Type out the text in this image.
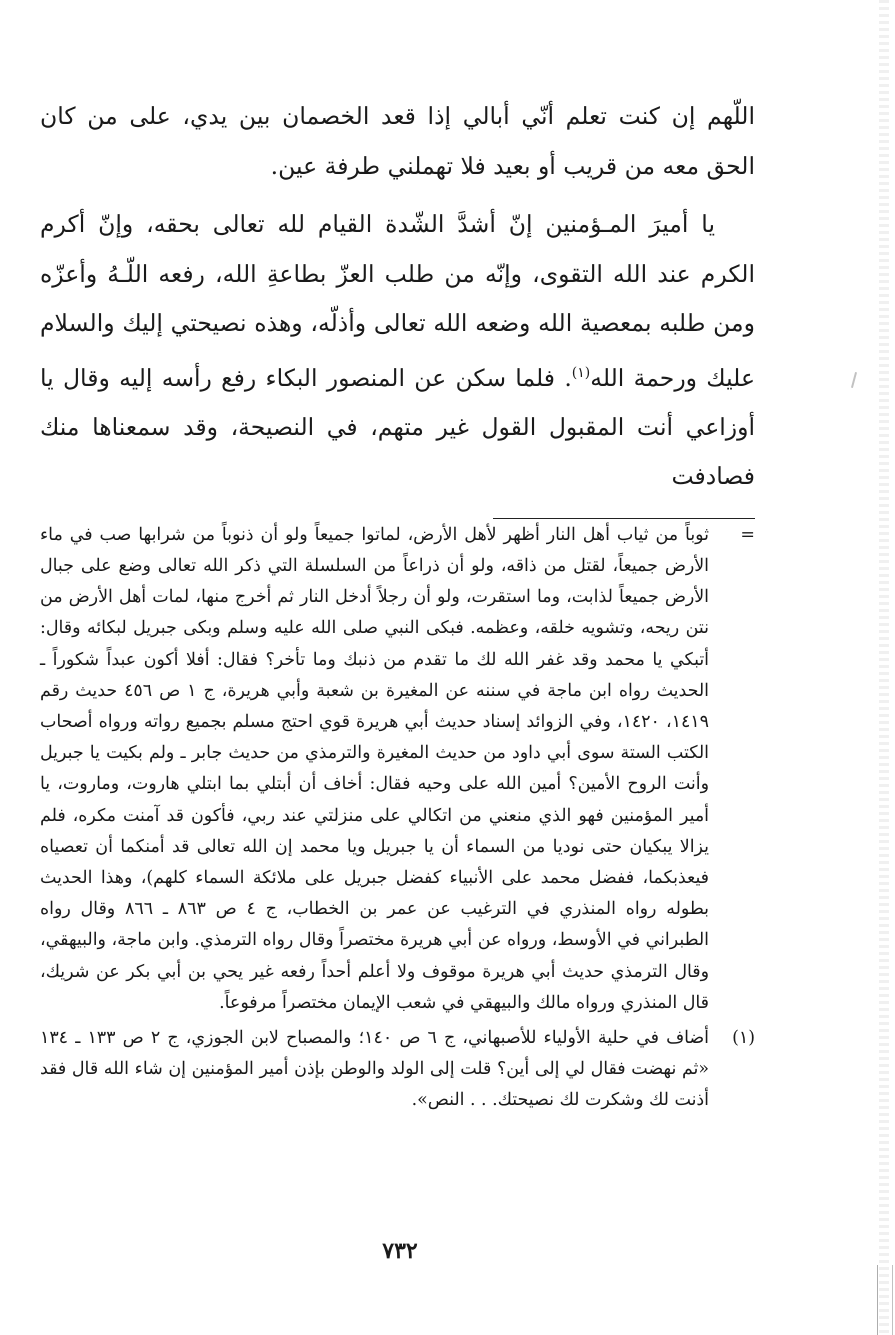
اللّهم إن كنت تعلم أنّي أبالي إذا قعد الخصمان بين يدي، على من كان الحق معه من قريب أو بعيد فلا تهملني طرفة عين.

يا أميرَ المـؤمنين إنّ أشدَّ الشّدة القيام لله تعالى بحقه، وإنّ أكرم الكرم عند الله التقوى، وإنّه من طلب العزّ بطاعةِ الله، رفعه اللّـهُ وأعزّه ومن طلبه بمعصية الله وضعه الله تعالى وأذلّه، وهذه نصيحتي إليك والسلام عليك ورحمة الله$^{(١)}$. فلما سكن عن المنصور البكاء رفع رأسه إليه وقال يا أوزاعي أنت المقبول القول غير متهم، في النصيحة، وقد سمعناها منك فصادفت

=

ثوباً من ثياب أهل النار أظهر لأهل الأرض، لماتوا جميعاً ولو أن ذنوباً من شرابها صب في ماء الأرض جميعاً، لقتل من ذاقه، ولو أن ذراعاً من السلسلة التي ذكر الله تعالى وضع على جبال الأرض جميعاً لذابت، وما استقرت، ولو أن رجلاً أدخل النار ثم أخرج منها، لمات أهل الأرض من نتن ريحه، وتشويه خلقه، وعظمه. فبكى النبي صلى الله عليه وسلم وبكى جبريل لبكائه وقال: أتبكي يا محمد وقد غفر الله لك ما تقدم من ذنبك وما تأخر؟ فقال: أفلا أكون عبداً شكوراً ـ الحديث رواه ابن ماجة في سننه عن المغيرة بن شعبة وأبي هريرة، ج ١ ص ٤٥٦ حديث رقم ١٤١٩، ١٤٢٠، وفي الزوائد إسناد حديث أبي هريرة قوي احتج مسلم بجميع رواته ورواه أصحاب الكتب الستة سوى أبي داود من حديث المغيرة والترمذي من حديث جابر ـ ولم بكيت يا جبريل وأنت الروح الأمين؟ أمين الله على وحيه فقال: أخاف أن أبتلي بما ابتلي هاروت، وماروت، يا أمير المؤمنين فهو الذي منعني من اتكالي على منزلتي عند ربي، فأكون قد آمنت مكره، فلم يزالا يبكيان حتى نوديا من السماء أن يا جبريل ويا محمد إن الله تعالى قد أمنكما أن تعصياه فيعذبكما، ففضل محمد على الأنبياء كفضل جبريل على ملائكة السماء كلهم)، وهذا الحديث بطوله رواه المنذري في الترغيب عن عمر بن الخطاب، ج ٤ ص ٨٦٣ ـ ٨٦٦ وقال رواه الطبراني في الأوسط، ورواه عن أبي هريرة مختصراً وقال رواه الترمذي. وابن ماجة، والبيهقي، وقال الترمذي حديث أبي هريرة موقوف ولا أعلم أحداً رفعه غير يحي بن أبي بكر عن شريك، قال المنذري ورواه مالك والبيهقي في شعب الإيمان مختصراً مرفوعاً.

(١)

أضاف في حلية الأولياء للأصبهاني، ج ٦ ص ١٤٠؛ والمصباح لابن الجوزي، ج ٢ ص ١٣٣ ـ ١٣٤ «ثم نهضت فقال لي إلى أين؟ قلت إلى الولد والوطن بإذن أمير المؤمنين إن شاء الله قال فقد أذنت لك وشكرت لك نصيحتك. . . النص».

٧٣٢
